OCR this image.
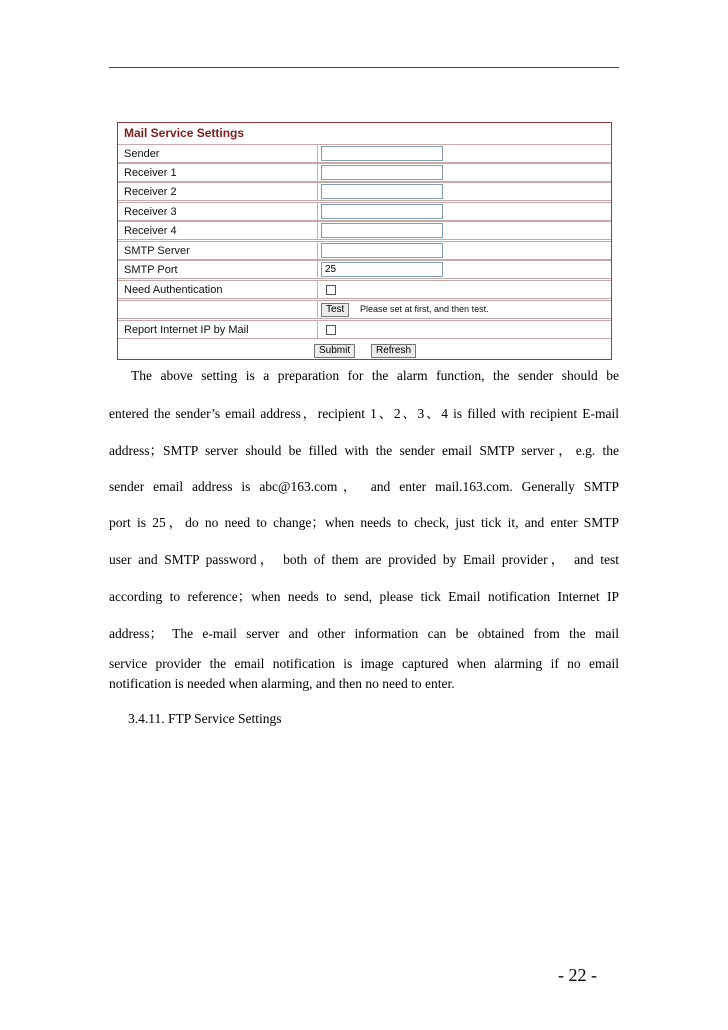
Mail Service Settings
Sender
Receiver 1
Receiver 2
Receiver 3
Receiver 4
SMTP Server
SMTP Port	25
Need Authentication
Test	Please set at first, and then test.
Report Internet IP by Mail
Submit	Refresh
The above setting is a preparation for the alarm function, the sender should be
entered the sender’s email address，recipient 1、2、3、4 is filled with recipient E-mail
address；SMTP server should be filled with the sender email SMTP server，e.g. the
sender email address is abc@163.com， and enter mail.163.com. Generally SMTP
port is 25，do no need to change；when needs to check, just tick it, and enter SMTP
user and SMTP password， both of them are provided by Email provider， and test
according to reference；when needs to send, please tick Email notification Internet IP
address； The e-mail server and other information can be obtained from the mail
service provider the email notification is image captured when alarming if no email notification is needed when alarming, and then no need to enter.
3.4.11. FTP Service Settings
- 22 -
